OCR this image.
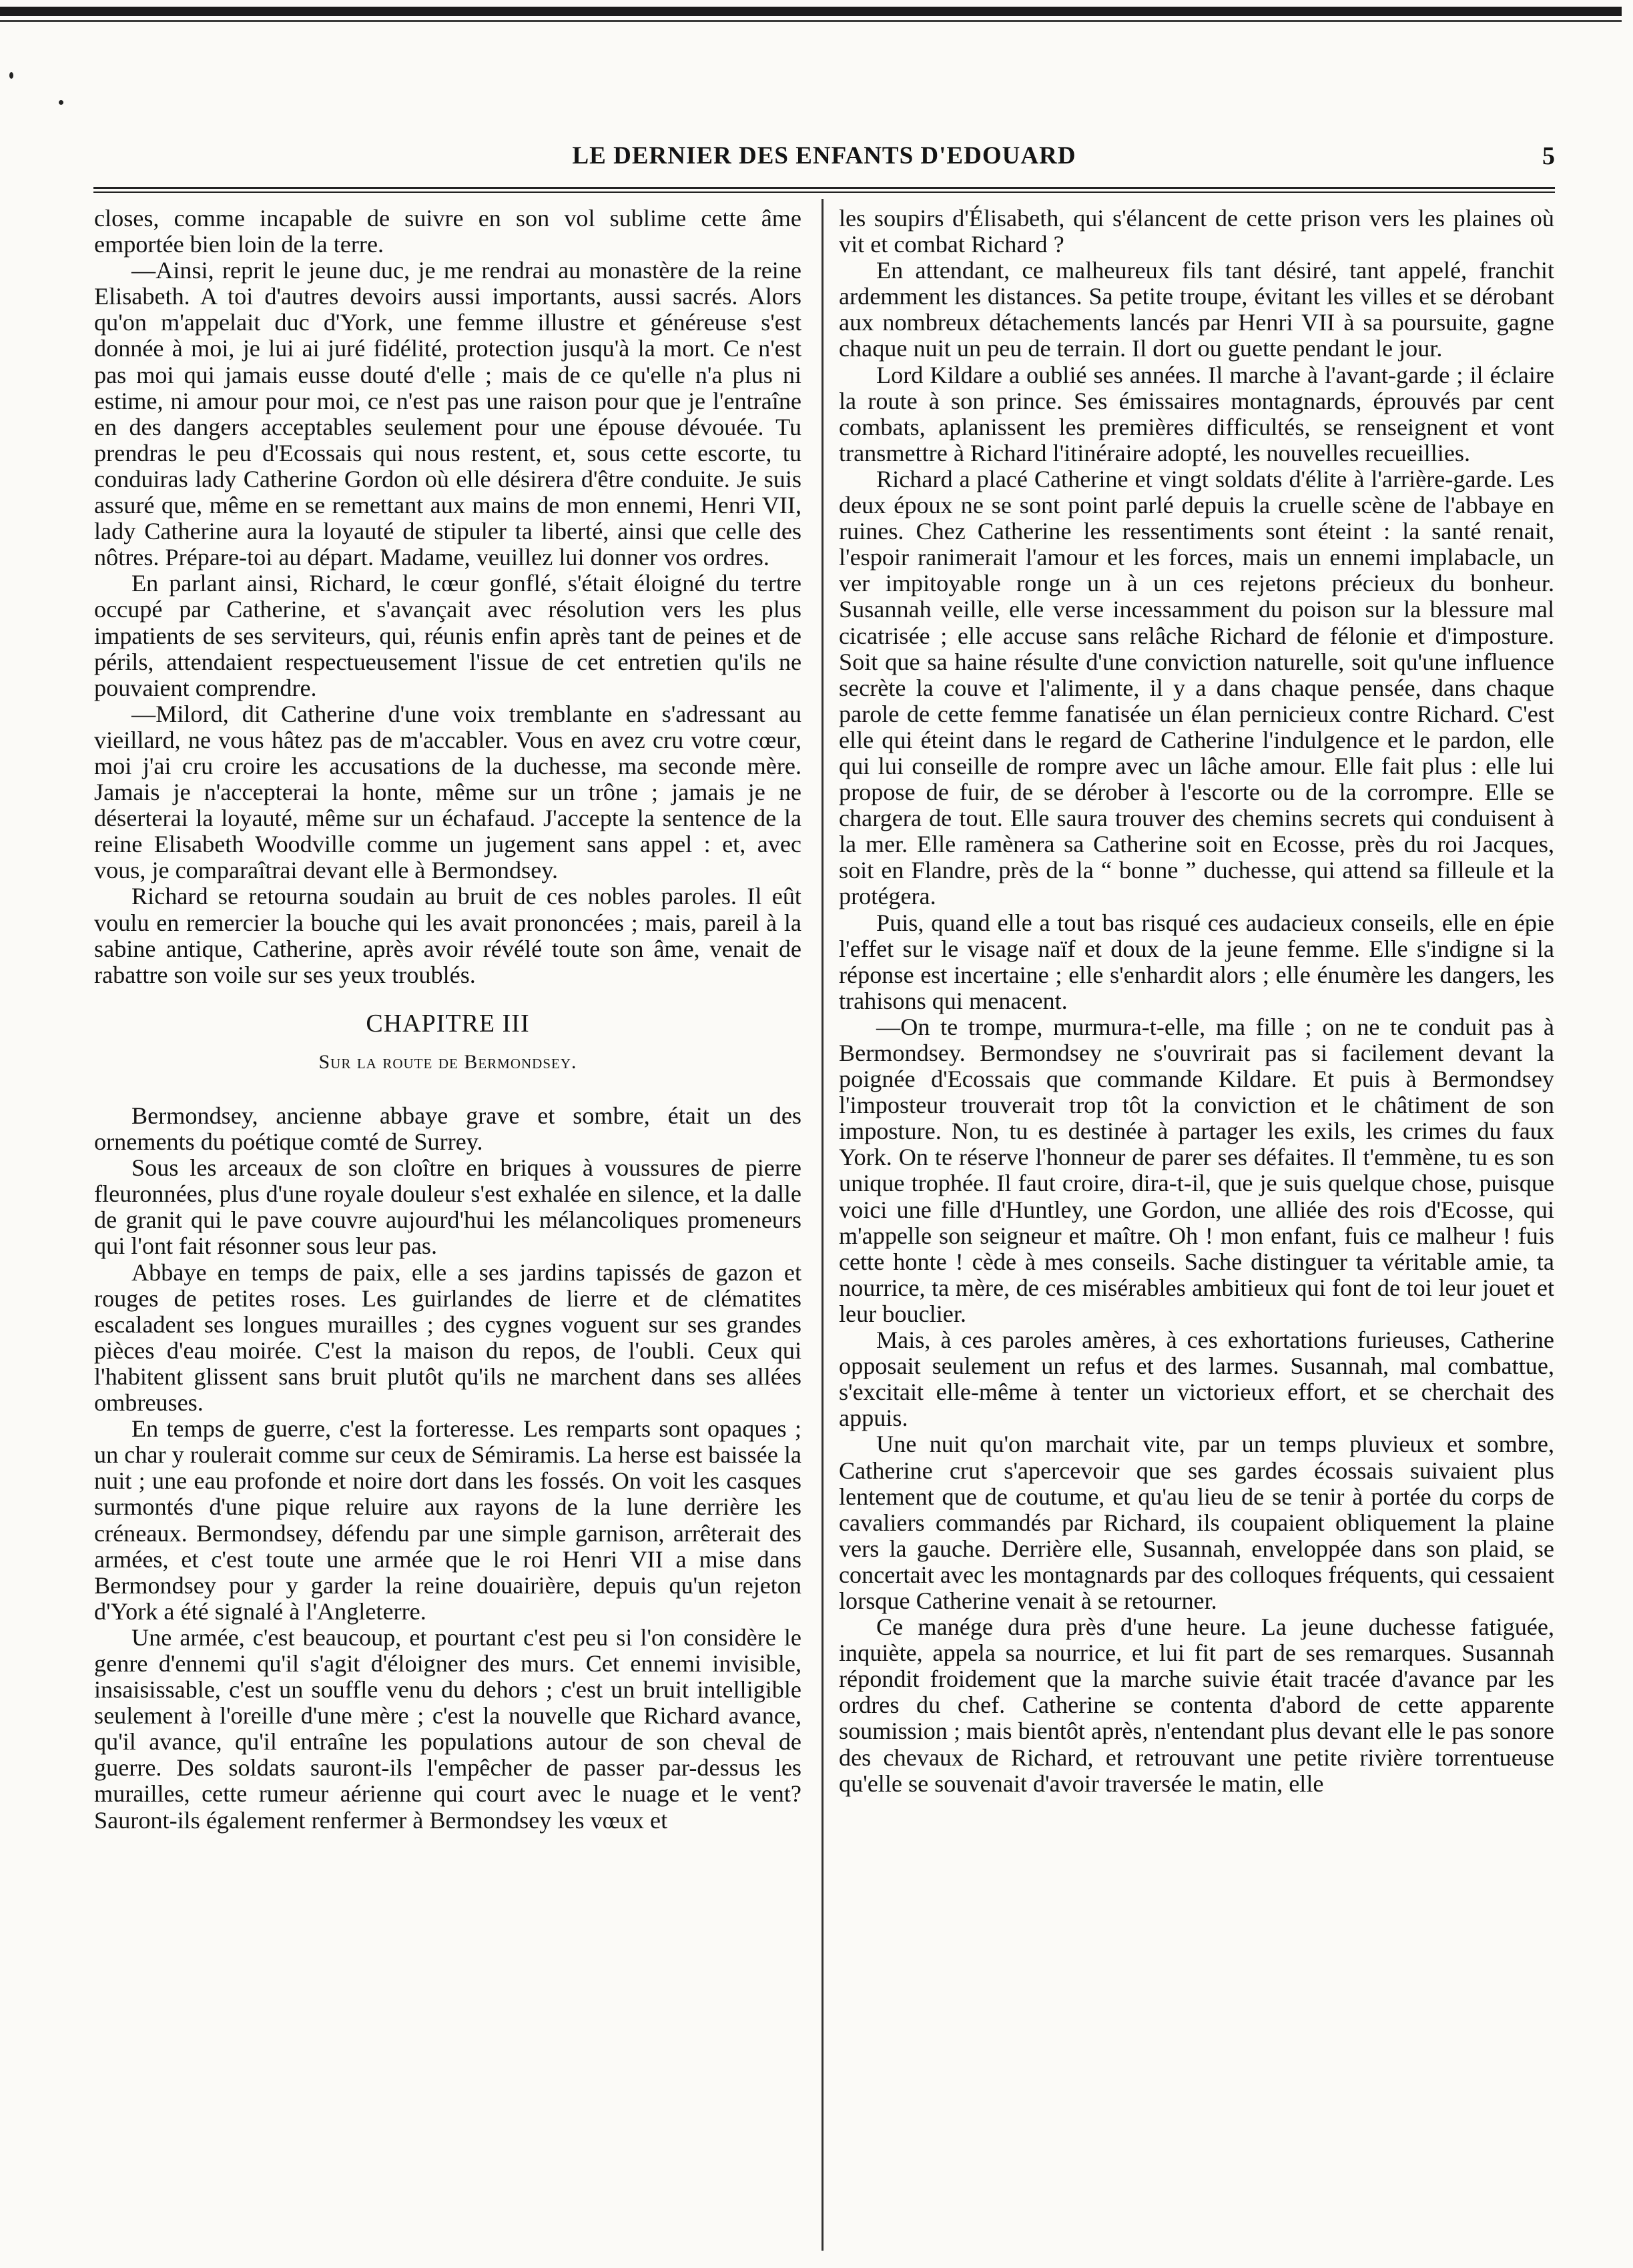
LE DERNIER DES ENFANTS D'EDOUARD	5

closes, comme incapable de suivre en son vol sublime cette âme emportée bien loin de la terre.

—Ainsi, reprit le jeune duc, je me rendrai au monastère de la reine Elisabeth. A toi d'autres devoirs aussi importants, aussi sacrés. Alors qu'on m'appelait duc d'York, une femme illustre et généreuse s'est donnée à moi, je lui ai juré fidélité, protection jusqu'à la mort. Ce n'est pas moi qui jamais eusse douté d'elle ; mais de ce qu'elle n'a plus ni estime, ni amour pour moi, ce n'est pas une raison pour que je l'entraîne en des dangers acceptables seulement pour une épouse dévouée. Tu prendras le peu d'Ecossais qui nous restent, et, sous cette escorte, tu conduiras lady Catherine Gordon où elle désirera d'être conduite. Je suis assuré que, même en se remettant aux mains de mon ennemi, Henri VII, lady Catherine aura la loyauté de stipuler ta liberté, ainsi que celle des nôtres. Prépare-toi au départ. Madame, veuillez lui donner vos ordres.

En parlant ainsi, Richard, le cœur gonflé, s'était éloigné du tertre occupé par Catherine, et s'avançait avec résolution vers les plus impatients de ses serviteurs, qui, réunis enfin après tant de peines et de périls, attendaient respectueusement l'issue de cet entretien qu'ils ne pouvaient comprendre.

—Milord, dit Catherine d'une voix tremblante en s'adressant au vieillard, ne vous hâtez pas de m'accabler. Vous en avez cru votre cœur, moi j'ai cru croire les accusations de la duchesse, ma seconde mère. Jamais je n'accepterai la honte, même sur un trône ; jamais je ne déserterai la loyauté, même sur un échafaud. J'accepte la sentence de la reine Elisabeth Woodville comme un jugement sans appel : et, avec vous, je comparaîtrai devant elle à Bermondsey.

Richard se retourna soudain au bruit de ces nobles paroles. Il eût voulu en remercier la bouche qui les avait prononcées ; mais, pareil à la sabine antique, Catherine, après avoir révélé toute son âme, venait de rabattre son voile sur ses yeux troublés.

CHAPITRE III
Sur la route de Bermondsey.

Bermondsey, ancienne abbaye grave et sombre, était un des ornements du poétique comté de Surrey.

Sous les arceaux de son cloître en briques à voussures de pierre fleuronnées, plus d'une royale douleur s'est exhalée en silence, et la dalle de granit qui le pave couvre aujourd'hui les mélancoliques promeneurs qui l'ont fait résonner sous leur pas.

Abbaye en temps de paix, elle a ses jardins tapissés de gazon et rouges de petites roses. Les guirlandes de lierre et de clématites escaladent ses longues murailles ; des cygnes voguent sur ses grandes pièces d'eau moirée. C'est la maison du repos, de l'oubli. Ceux qui l'habitent glissent sans bruit plutôt qu'ils ne marchent dans ses allées ombreuses.

En temps de guerre, c'est la forteresse. Les remparts sont opaques ; un char y roulerait comme sur ceux de Sémiramis. La herse est baissée la nuit ; une eau profonde et noire dort dans les fossés. On voit les casques surmontés d'une pique reluire aux rayons de la lune derrière les créneaux. Bermondsey, défendu par une simple garnison, arrêterait des armées, et c'est toute une armée que le roi Henri VII a mise dans Bermondsey pour y garder la reine douairière, depuis qu'un rejeton d'York a été signalé à l'Angleterre.

Une armée, c'est beaucoup, et pourtant c'est peu si l'on considère le genre d'ennemi qu'il s'agit d'éloigner des murs. Cet ennemi invisible, insaisissable, c'est un souffle venu du dehors ; c'est un bruit intelligible seulement à l'oreille d'une mère ; c'est la nouvelle que Richard avance, qu'il avance, qu'il entraîne les populations autour de son cheval de guerre. Des soldats sauront-ils l'empêcher de passer par-dessus les murailles, cette rumeur aérienne qui court avec le nuage et le vent? Sauront-ils également renfermer à Bermondsey les vœux et

les soupirs d'Élisabeth, qui s'élancent de cette prison vers les plaines où vit et combat Richard ?

En attendant, ce malheureux fils tant désiré, tant appelé, franchit ardemment les distances. Sa petite troupe, évitant les villes et se dérobant aux nombreux détachements lancés par Henri VII à sa poursuite, gagne chaque nuit un peu de terrain. Il dort ou guette pendant le jour.

Lord Kildare a oublié ses années. Il marche à l'avant-garde ; il éclaire la route à son prince. Ses émissaires montagnards, éprouvés par cent combats, aplanissent les premières difficultés, se renseignent et vont transmettre à Richard l'itinéraire adopté, les nouvelles recueillies.

Richard a placé Catherine et vingt soldats d'élite à l'arrière-garde. Les deux époux ne se sont point parlé depuis la cruelle scène de l'abbaye en ruines. Chez Catherine les ressentiments sont éteint : la santé renait, l'espoir ranimerait l'amour et les forces, mais un ennemi implabacle, un ver impitoyable ronge un à un ces rejetons précieux du bonheur. Susannah veille, elle verse incessamment du poison sur la blessure mal cicatrisée ; elle accuse sans relâche Richard de félonie et d'imposture. Soit que sa haine résulte d'une conviction naturelle, soit qu'une influence secrète la couve et l'alimente, il y a dans chaque pensée, dans chaque parole de cette femme fanatisée un élan pernicieux contre Richard. C'est elle qui éteint dans le regard de Catherine l'indulgence et le pardon, elle qui lui conseille de rompre avec un lâche amour. Elle fait plus : elle lui propose de fuir, de se dérober à l'escorte ou de la corrompre. Elle se chargera de tout. Elle saura trouver des chemins secrets qui conduisent à la mer. Elle ramènera sa Catherine soit en Ecosse, près du roi Jacques, soit en Flandre, près de la “ bonne ” duchesse, qui attend sa filleule et la protégera.

Puis, quand elle a tout bas risqué ces audacieux conseils, elle en épie l'effet sur le visage naïf et doux de la jeune femme. Elle s'indigne si la réponse est incertaine ; elle s'enhardit alors ; elle énumère les dangers, les trahisons qui menacent.

—On te trompe, murmura-t-elle, ma fille ; on ne te conduit pas à Bermondsey. Bermondsey ne s'ouvrirait pas si facilement devant la poignée d'Ecossais que commande Kildare. Et puis à Bermondsey l'imposteur trouverait trop tôt la conviction et le châtiment de son imposture. Non, tu es destinée à partager les exils, les crimes du faux York. On te réserve l'honneur de parer ses défaites. Il t'emmène, tu es son unique trophée. Il faut croire, dira-t-il, que je suis quelque chose, puisque voici une fille d'Huntley, une Gordon, une alliée des rois d'Ecosse, qui m'appelle son seigneur et maître. Oh ! mon enfant, fuis ce malheur ! fuis cette honte ! cède à mes conseils. Sache distinguer ta véritable amie, ta nourrice, ta mère, de ces misérables ambitieux qui font de toi leur jouet et leur bouclier.

Mais, à ces paroles amères, à ces exhortations furieuses, Catherine opposait seulement un refus et des larmes. Susannah, mal combattue, s'excitait elle-même à tenter un victorieux effort, et se cherchait des appuis.

Une nuit qu'on marchait vite, par un temps pluvieux et sombre, Catherine crut s'apercevoir que ses gardes écossais suivaient plus lentement que de coutume, et qu'au lieu de se tenir à portée du corps de cavaliers commandés par Richard, ils coupaient obliquement la plaine vers la gauche. Derrière elle, Susannah, enveloppée dans son plaid, se concertait avec les montagnards par des colloques fréquents, qui cessaient lorsque Catherine venait à se retourner.

Ce manége dura près d'une heure. La jeune duchesse fatiguée, inquiète, appela sa nourrice, et lui fit part de ses remarques. Susannah répondit froidement que la marche suivie était tracée d'avance par les ordres du chef. Catherine se contenta d'abord de cette apparente soumission ; mais bientôt après, n'entendant plus devant elle le pas sonore des chevaux de Richard, et retrouvant une petite rivière torrentueuse qu'elle se souvenait d'avoir traversée le matin, elle
